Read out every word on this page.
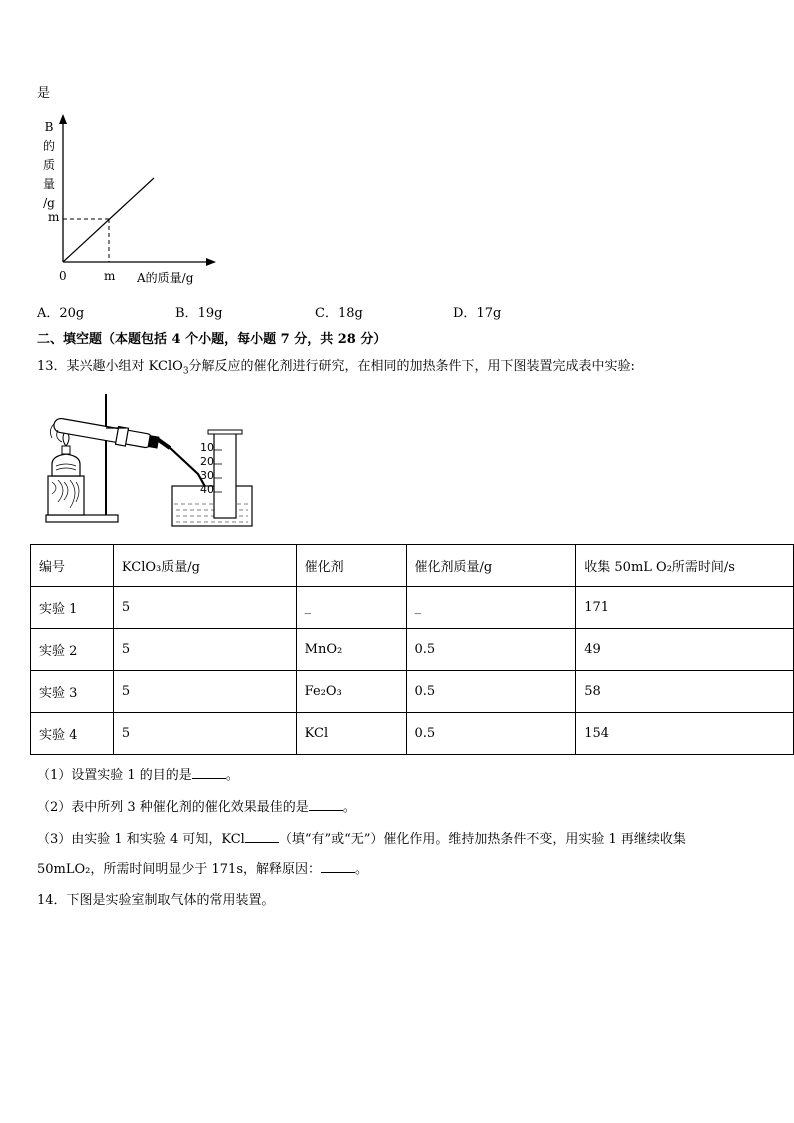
是
B
的
质
量
/g
m
0	m A的质量/g
A．20g	B．19g	C．18g	D．17g
二、填空题（本题包括 4 个小题，每小题 7 分，共 28 分）
13．某兴趣小组对 KClO$_3$分解反应的催化剂进行研究，在相同的加热条件下，用下图装置完成表中实验:
10
20
30
40
编号	KClO₃质量/g	催化剂	催化剂质量/g	收集 50mL O₂所需时间/s
实验 1	5	_	_	171
实验 2	5	MnO₂	0.5	49
实验 3	5	Fe₂O₃	0.5	58
实验 4	5	KCl	0.5	154
（1）设置实验 1 的目的是	。
（2）表中所列 3 种催化剂的催化效果最佳的是	。
（3）由实验 1 和实验 4 可知，KCl	（填“有”或“无”）催化作用。维持加热条件不变，用实验 1 再继续收集
50mLO₂，所需时间明显少于 171s，解释原因：	。
14．下图是实验室制取气体的常用装置。
